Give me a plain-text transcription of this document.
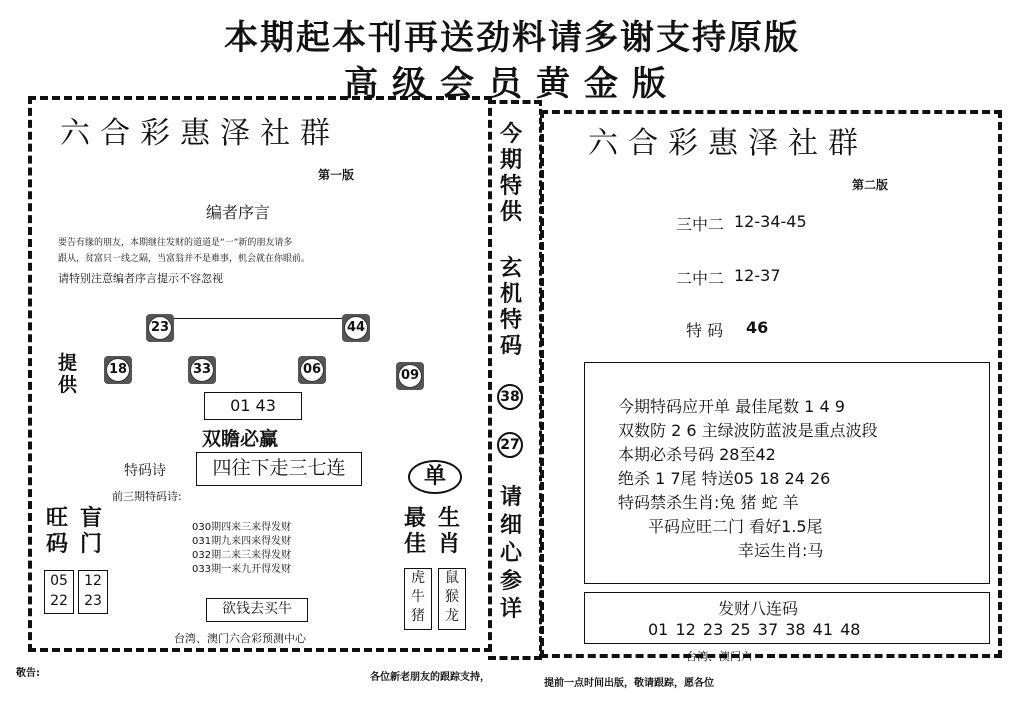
本期起本刊再送劲料请多谢支持原版
高级会员黄金版
六合彩惠泽社群
第一版
编者序言
要告有缘的朋友，本期继往发财的道道是“一”新的朋友请多
跟从，贫富只一线之隔，当富翁并不是难事，机会就在你眼前。
请特别注意编者序言提示不容忽视
23	44
提供
18	33	06	09
01 43
双瞻必赢
特码诗	四往下走三七连
前三期特码诗:
030期四来三来得发财
031期九来四来得发财
032期二来三来得发财
033期一来九开得发财
旺码
盲门
05
22
12
23
单
最佳
生肖
虎
牛
猪
鼠
猴
龙
欲钱去买牛
台湾、澳门六合彩预测中心
今
期
特
供
玄
机
特
码
38
27
请
细
心
参
详
六合彩惠泽社群
第二版
三中二 12-34-45
二中二 12-37
特 码 46
今期特码应开单 最佳尾数 1 4 9
双数防 2 6 主绿波防蓝波是重点波段
本期必杀号码 28至42
绝杀 1 7尾 特送05 18 24 26
特码禁杀生肖:兔 猪 蛇 羊
平码应旺二门 看好1.5尾
幸运生肖:马
发财八连码
01 12 23 25 37 38 41 48
台湾、澳门六
敬告:	各位新老朋友的跟踪支持，
提前一点时间出版，敬请跟踪，愿各位
